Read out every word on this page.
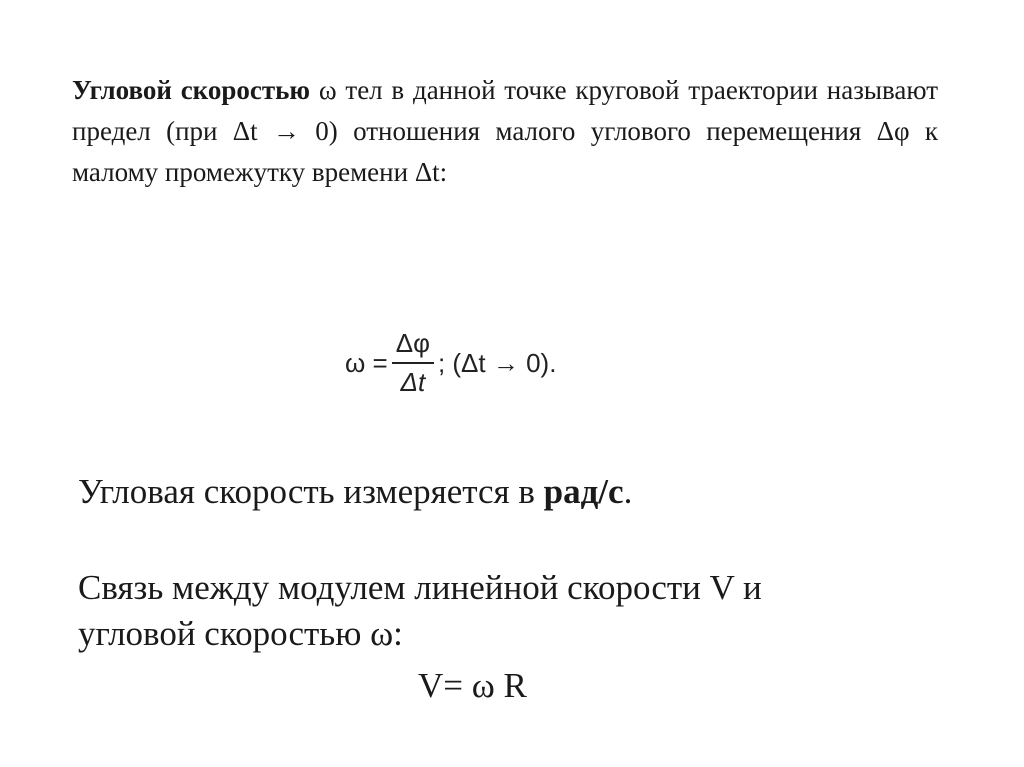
Угловой скоростью ω тел в данной точке круговой траектории называют предел (при Δt → 0) отношения малого углового перемещения Δφ к малому промежутку времени Δt:

$\omega = \frac{\Delta\varphi}{\Delta t}$ ; (Δt → 0).

Угловая скорость измеряется в рад/с.

Связь между модулем линейной скорости V и

угловой скоростью ω:

V= ω R
